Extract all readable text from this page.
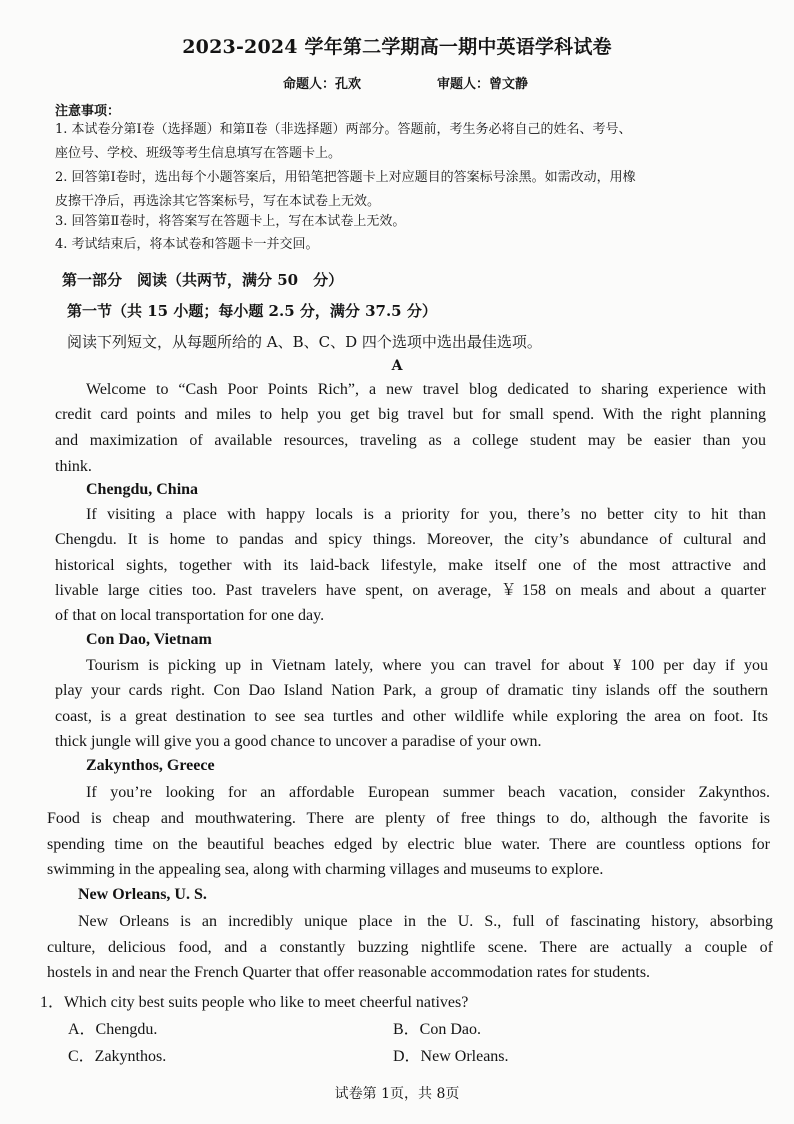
2023-2024 学年第二学期高一期中英语学科试卷
命题人：孔欢	审题人：曾文静
注意事项：
1. 本试卷分第Ⅰ卷（选择题）和第Ⅱ卷（非选择题）两部分。答题前，考生务必将自己的姓名、考号、
座位号、学校、班级等考生信息填写在答题卡上。
2. 回答第Ⅰ卷时，选出每个小题答案后，用铅笔把答题卡上对应题目的答案标号涂黑。如需改动，用橡
皮擦干净后，再选涂其它答案标号，写在本试卷上无效。
3. 回答第Ⅱ卷时，将答案写在答题卡上，写在本试卷上无效。
4. 考试结束后，将本试卷和答题卡一并交回。
第一部分　阅读（共两节，满分 50　分）
第一节（共 15 小题；每小题 2.5 分，满分 37.5 分）
阅读下列短文，从每题所给的 A、B、C、D 四个选项中选出最佳选项。
A
Welcome to “Cash Poor Points Rich”, a new travel blog dedicated to sharing experience with
credit card points and miles to help you get big travel but for small spend. With the right planning
and maximization of available resources, traveling as a college student may be easier than you
think.
Chengdu, China
If visiting a place with happy locals is a priority for you, there’s no better city to hit than
Chengdu. It is home to pandas and spicy things. Moreover, the city’s abundance of cultural and
historical sights, together with its laid-back lifestyle, make itself one of the most attractive and
livable large cities too. Past travelers have spent, on average, ￥158 on meals and about a quarter
of that on local transportation for one day.
Con Dao, Vietnam
Tourism is picking up in Vietnam lately, where you can travel for about ¥ 100 per day if you
play your cards right. Con Dao Island Nation Park, a group of dramatic tiny islands off the southern
coast, is a great destination to see sea turtles and other wildlife while exploring the area on foot. Its
thick jungle will give you a good chance to uncover a paradise of your own.
Zakynthos, Greece
If you’re looking for an affordable European summer beach vacation, consider Zakynthos.
Food is cheap and mouthwatering. There are plenty of free things to do, although the favorite is
spending time on the beautiful beaches edged by electric blue water. There are countless options for
swimming in the appealing sea, along with charming villages and museums to explore.
New Orleans, U. S.
New Orleans is an incredibly unique place in the U. S., full of fascinating history, absorbing
culture, delicious food, and a constantly buzzing nightlife scene. There are actually a couple of
hostels in and near the French Quarter that offer reasonable accommodation rates for students.
1．Which city best suits people who like to meet cheerful natives?
A．Chengdu.	B．Con Dao.
C．Zakynthos.	D．New Orleans.
试卷第 1页，共 8页
